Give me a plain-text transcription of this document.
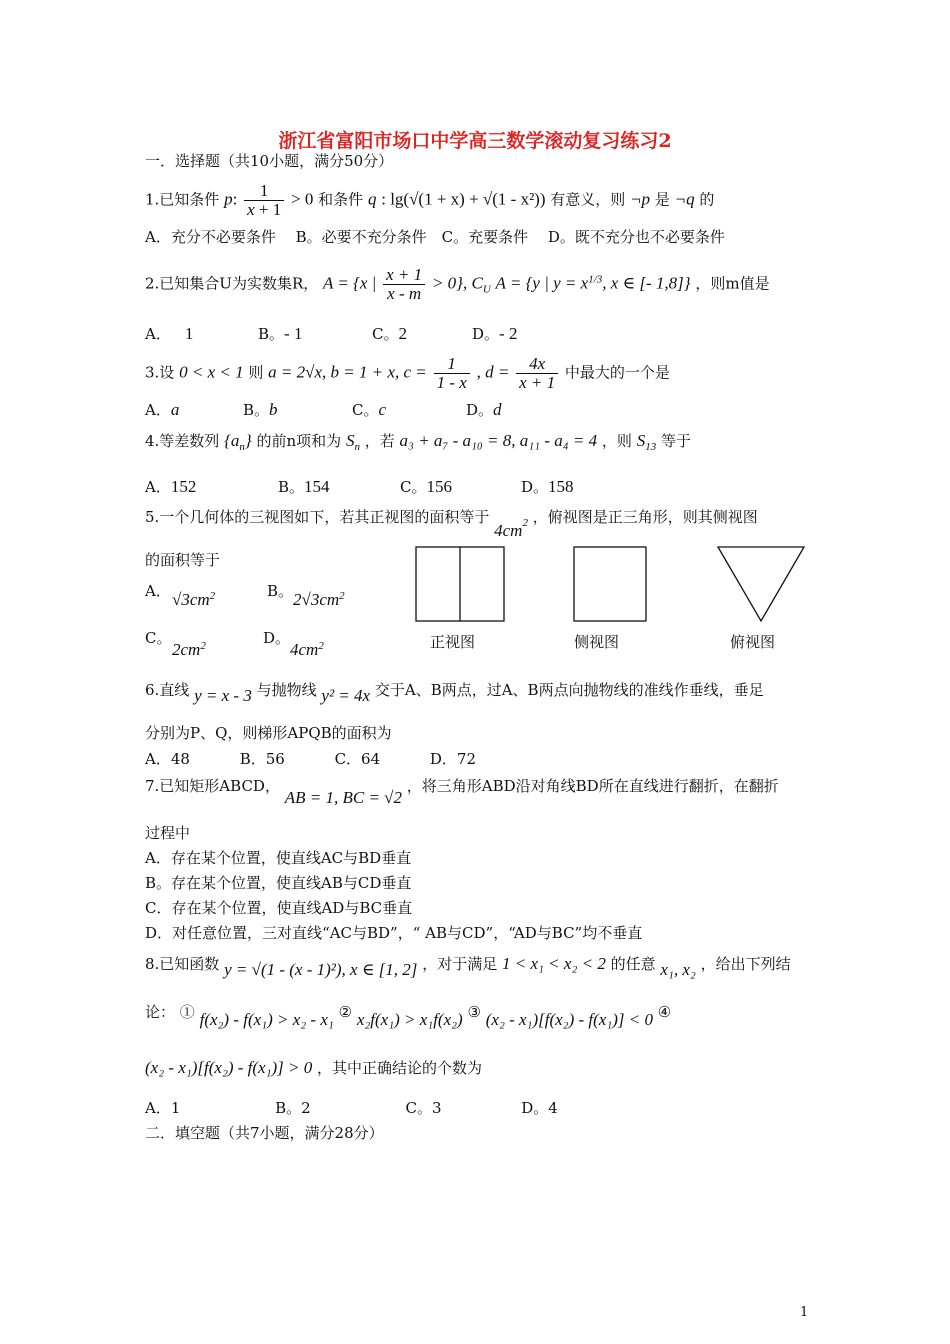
浙江省富阳市场口中学高三数学滚动复习练习2
一．选择题（共10小题，满分50分）
1.已知条件 p: $\frac{1}{x + 1} > 0$ 和条件 q : lg(√(1 + x) + √(1 - x²)) 有意义，则 ¬p 是 ¬q 的
A．充分不必要条件　 B。必要不充分条件　C。充要条件　 D。既不充分也不必要条件
2.已知集合U为实数集R， A = {x | $\frac{x + 1}{x - m} > 0$}, $C_U$ A = {y | $y = x^{1/3}$, x ∈ [- 1,8]} ，则m值是
A． 1	B。- 1	C。2	D。- 2
3.设 0 < x < 1 则 a = 2√x, b = 1 + x, $c = \frac{1}{1 - x}$ , $d = \frac{4x}{x + 1}$ 中最大的一个是
A．a	B。b	C。c	D。d
4.等差数列 $\{a_n\}$ 的前n项和为 $S_n$ ，若 a₃ + a₇ - a₁₀ = 8, a₁₁ - a₄ = 4 ，则 $S_{13}$ 等于
A．152	B。154	C。156	D。158
5.一个几何体的三视图如下，若其正视图的面积等于 $4cm^2$ ，俯视图是正三角形，则其侧视图
的面积等于
A． $√3cm^2$	B。 $2√3cm^2$
C。
$2cm^2$	D。
$4cm^2$	正视图	侧视图	俯视图
6.直线 y = x - 3 与抛物线 y² = 4x 交于A、B两点，过A、B两点向抛物线的准线作垂线，垂足
分别为P、Q，则梯形APQB的面积为
A．48　　　 B．56　　　 C．64　　　 D．72
7.已知矩形ABCD， AB = 1, BC = √2 ，将三角形ABD沿对角线BD所在直线进行翻折，在翻折
过程中
A．存在某个位置，使直线AC与BD垂直
B。存在某个位置，使直线AB与CD垂直
C．存在某个位置，使直线AD与BC垂直
D．对任意位置，三对直线“AC与BD”，“ AB与CD”，“AD与BC”均不垂直
8.已知函数 y = √(1 - (x - 1)²), x ∈ [1, 2] ，对于满足 1 < x₁ < x₂ < 2 的任意 x₁, x₂ ，给出下列结
论： ① f(x₂) - f(x₁) > x₂ - x₁ ② x₂f(x₁) > x₁f(x₂) ③ (x₂ - x₁)[f(x₂) - f(x₁)] < 0 ④
(x₂ - x₁)[f(x₂) - f(x₁)] > 0 ，其中正确结论的个数为
A．1　　　　　　 B。2　　　　　　 C。3　　　　　 D。4
二．填空题（共7小题，满分28分）
1
